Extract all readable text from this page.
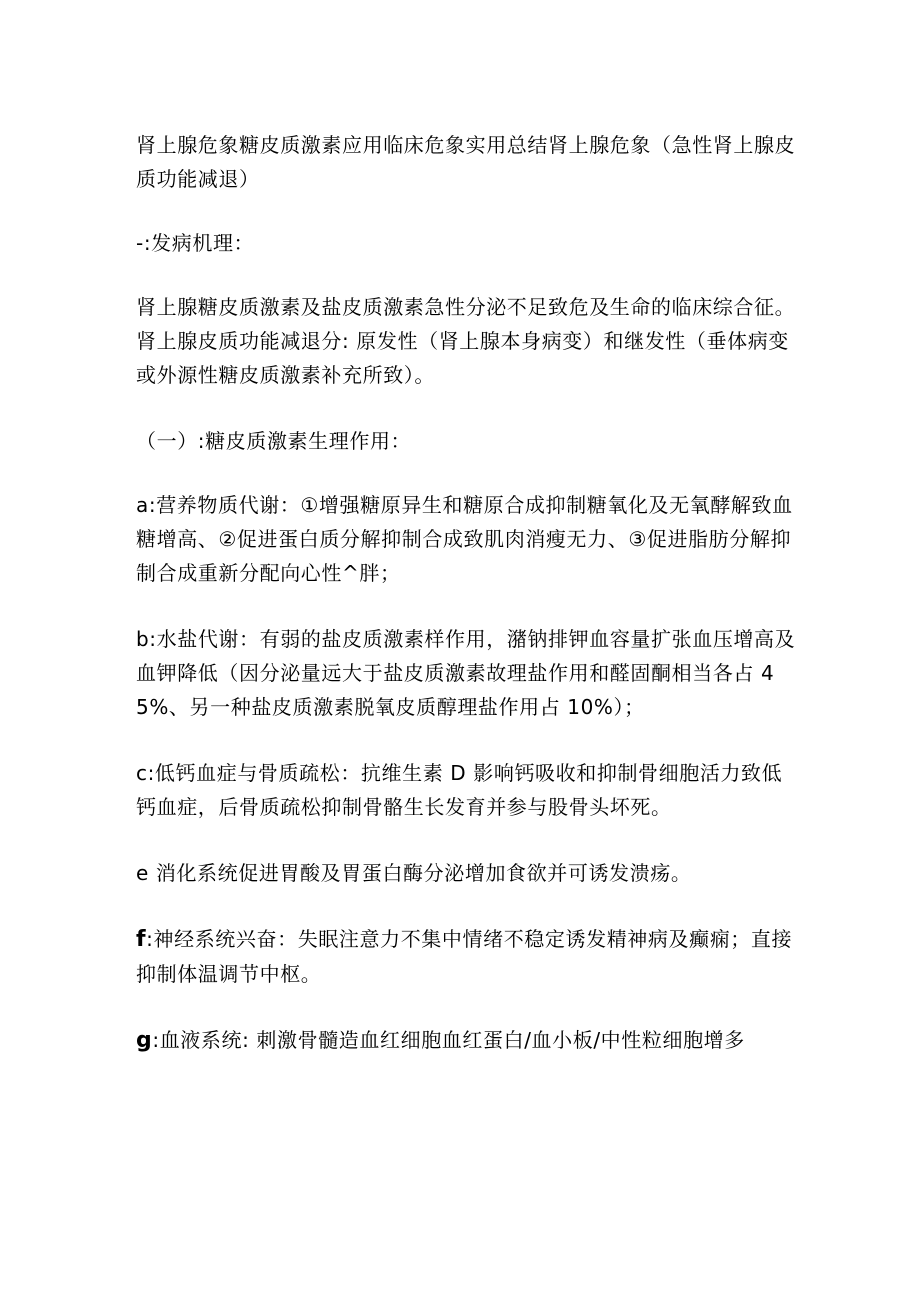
肾上腺危象糖皮质激素应用临床危象实用总结肾上腺危象（急性肾上腺皮质功能减退）

-:发病机理：

肾上腺糖皮质激素及盐皮质激素急性分泌不足致危及生命的临床综合征。肾上腺皮质功能减退分: 原发性（肾上腺本身病变）和继发性（垂体病变或外源性糖皮质激素补充所致）。

（一）:糖皮质激素生理作用：

a:营养物质代谢：①增强糖原异生和糖原合成抑制糖氧化及无氧酵解致血糖增高、②促进蛋白质分解抑制合成致肌肉消瘦无力、③促进脂肪分解抑制合成重新分配向心性^胖；

b:水盐代谢：有弱的盐皮质激素样作用，潴钠排钾血容量扩张血压增高及血钾降低（因分泌量远大于盐皮质激素故理盐作用和醛固酮相当各占 45%、另一种盐皮质激素脱氧皮质醇理盐作用占 10%）；

c:低钙血症与骨质疏松：抗维生素 D 影响钙吸收和抑制骨细胞活力致低钙血症，后骨质疏松抑制骨骼生长发育并参与股骨头坏死。

e 消化系统促进胃酸及胃蛋白酶分泌增加食欲并可诱发溃疡。

f:神经系统兴奋：失眠注意力不集中情绪不稳定诱发精神病及癫痫；直接抑制体温调节中枢。

g:血液系统: 刺激骨髓造血红细胞血红蛋白/血小板/中性粒细胞增多
